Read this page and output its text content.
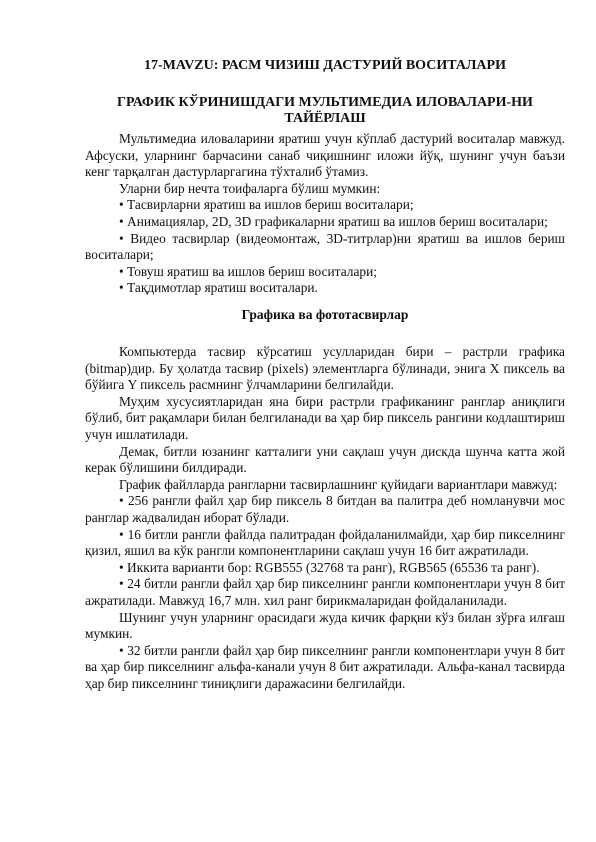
17-MAVZU: РАСМ ЧИЗИШ ДАСТУРИЙ ВОСИТАЛАРИ
ГРАФИК КЎРИНИШДАГИ МУЛЬТИМЕДИА ИЛОВАЛАРИ-НИ ТАЙЁРЛАШ

Мультимедиа иловаларини яратиш учун кўплаб дастурий воситалар мавжуд. Афсуски, уларнинг барчасини санаб чиқишнинг иложи йўқ, шунинг учун баъзи кенг тарқалган дастурларгагина тўхталиб ўтамиз.

Уларни бир нечта тоифаларга бўлиш мумкин:

• Тасвирларни яратиш ва ишлов бериш воситалари;

• Анимациялар, 2D, 3D графикаларни яратиш ва ишлов бериш воситалари;

• Видео тасвирлар (видеомонтаж, 3D-титрлар)ни яратиш ва ишлов бериш воситалари;

• Товуш яратиш ва ишлов бериш воситалари;

• Тақдимотлар яратиш воситалари.

Графика ва фототасвирлар

Компьютерда тасвир кўрсатиш усулларидан бири – растрли графика (bitmap)дир. Бу ҳолатда тасвир (pixels) элементларга бўлинади, энига X пиксель ва бўйига Y пиксель расмнинг ўлчамларини белгилайди.

Муҳим хусусиятларидан яна бири растрли графиканинг ранглар аниқлиги бўлиб, бит рақамлари билан белгиланади ва ҳар бир пиксель рангини кодлаштириш учун ишлатилади.

Демак, битли юзанинг катталиги уни сақлаш учун дискда шунча катта жой керак бўлишини билдиради.

График файлларда рангларни тасвирлашнинг қуйидаги вариантлари мавжуд:

• 256 рангли файл ҳар бир пиксель 8 битдан ва палитра деб номланувчи мос ранглар жадвалидан иборат бўлади.

• 16 битли рангли файлда палитрадан фойдаланилмайди, ҳар бир пикселнинг қизил, яшил ва кўк рангли компонентларини сақлаш учун 16 бит ажратилади.

• Иккита варианти бор: RGB555 (32768 та ранг), RGB565 (65536 та ранг).

• 24 битли рангли файл ҳар бир пикселнинг рангли компонентлари учун 8 бит ажратилади. Мавжуд 16,7 млн. хил ранг бирикмаларидан фойдаланилади.

Шунинг учун уларнинг орасидаги жуда кичик фарқни кўз билан зўрға илғаш мумкин.

• 32 битли рангли файл ҳар бир пикселнинг рангли компонентлари учун 8 бит ва ҳар бир пикселнинг альфа-канали учун 8 бит ажратилади. Альфа-канал тасвирда ҳар бир пикселнинг тиниқлиги даражасини белгилайди.
